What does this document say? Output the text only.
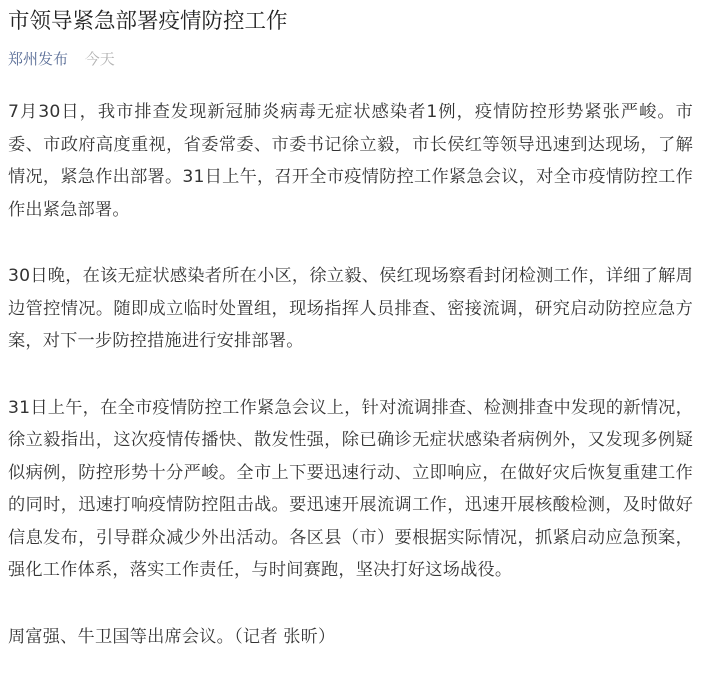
市领导紧急部署疫情防控工作
郑州发布 今天

7月30日，我市排查发现新冠肺炎病毒无症状感染者1例，疫情防控形势紧张严峻。市委、市政府高度重视，省委常委、市委书记徐立毅，市长侯红等领导迅速到达现场，了解情况，紧急作出部署。31日上午，召开全市疫情防控工作紧急会议，对全市疫情防控工作作出紧急部署。

30日晚，在该无症状感染者所在小区，徐立毅、侯红现场察看封闭检测工作，详细了解周边管控情况。随即成立临时处置组，现场指挥人员排查、密接流调，研究启动防控应急方案，对下一步防控措施进行安排部署。

31日上午，在全市疫情防控工作紧急会议上，针对流调排查、检测排查中发现的新情况，徐立毅指出，这次疫情传播快、散发性强，除已确诊无症状感染者病例外，又发现多例疑似病例，防控形势十分严峻。全市上下要迅速行动、立即响应，在做好灾后恢复重建工作的同时，迅速打响疫情防控阻击战。要迅速开展流调工作，迅速开展核酸检测，及时做好信息发布，引导群众减少外出活动。各区县（市）要根据实际情况，抓紧启动应急预案，强化工作体系，落实工作责任，与时间赛跑，坚决打好这场战役。

周富强、牛卫国等出席会议。（记者 张昕）
